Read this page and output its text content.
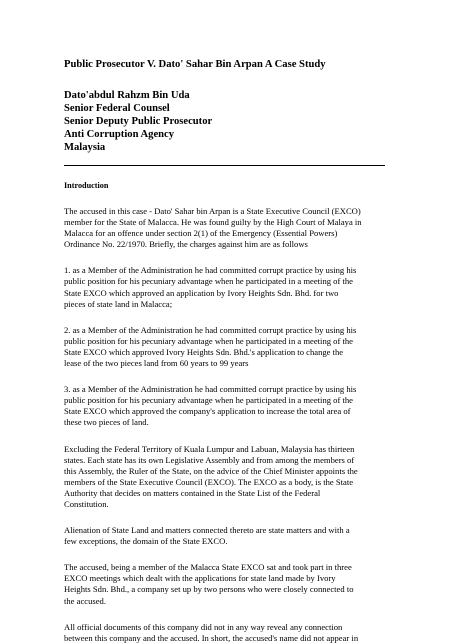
Public Prosecutor V. Dato' Sahar Bin Arpan A Case Study
Dato'abdul Rahzm Bin Uda
Senior Federal Counsel
Senior Deputy Public Prosecutor
Anti Corruption Agency
Malaysia
Introduction
The accused in this case - Dato' Sahar bin Arpan is a State Executive Council (EXCO)
member for the State of Malacca. He was found guilty by the High Court of Malaya in
Malacca for an offence under section 2(1) of the Emergency (Essential Powers)
Ordinance No. 22/1970. Briefly, the charges against him are as follows
1. as a Member of the Administration he had committed corrupt practice by using his
public position for his pecuniary advantage when he participated in a meeting of the
State EXCO which approved an application by Ivory Heights Sdn. Bhd. for two
pieces of state land in Malacca;
2. as a Member of the Administration he had committed corrupt practice by using his
public position for his pecuniary advantage when he participated in a meeting of the
State EXCO which approved Ivory Heights Sdn. Bhd.'s application to change the
lease of the two pieces land from 60 years to 99 years
3. as a Member of the Administration he had committed corrupt practice by using his
public position for his pecuniary advantage when he participated in a meeting of the
State EXCO which approved the company's application to increase the total area of
these two pieces of land.
Excluding the Federal Territory of Kuala Lumpur and Labuan, Malaysia has thirteen
states. Each state has its own Legislative Assembly and from among the members of
this Assembly, the Ruler of the State, on the advice of the Chief Minister appoints the
members of the State Executive Council (EXCO). The EXCO as a body, is the State
Authority that decides on matters contained in the State List of the Federal
Constitution.
Alienation of State Land and matters connected thereto are state matters and with a
few exceptions, the domain of the State EXCO.
The accused, being a member of the Malacca State EXCO sat and took part in three
EXCO meetings which dealt with the applications for state land made by Ivory
Heights Sdn. Bhd., a company set up by two persons who were closely connected to
the accused.
All official documents of this company did not in any way reveal any connection
between this company and the accused. In short, the accused's name did not appear in
